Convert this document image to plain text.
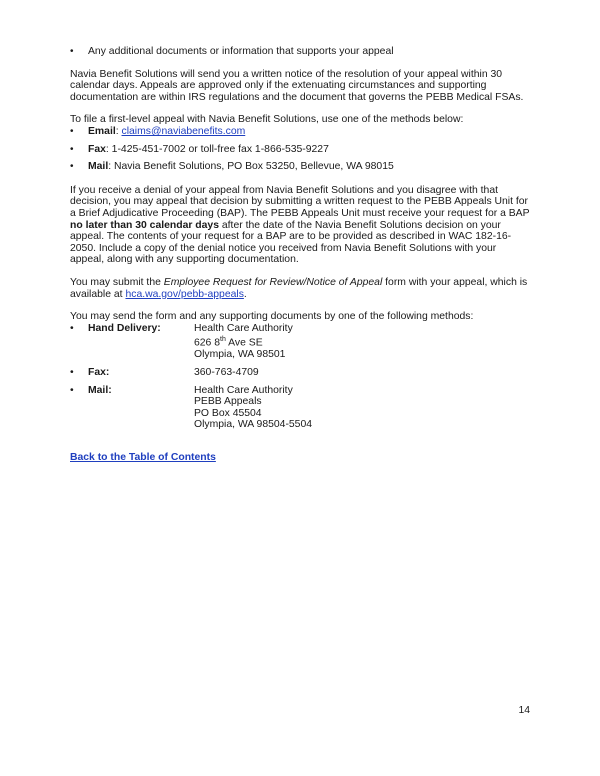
• Any additional documents or information that supports your appeal

Navia Benefit Solutions will send you a written notice of the resolution of your appeal within 30 calendar days. Appeals are approved only if the extenuating circumstances and supporting documentation are within IRS regulations and the document that governs the PEBB Medical FSAs.

To file a first-level appeal with Navia Benefit Solutions, use one of the methods below:

• Email: claims@naviabenefits.com
• Fax: 1-425-451-7002 or toll-free fax 1-866-535-9227
• Mail: Navia Benefit Solutions, PO Box 53250, Bellevue, WA 98015

If you receive a denial of your appeal from Navia Benefit Solutions and you disagree with that decision, you may appeal that decision by submitting a written request to the PEBB Appeals Unit for a Brief Adjudicative Proceeding (BAP). The PEBB Appeals Unit must receive your request for a BAP no later than 30 calendar days after the date of the Navia Benefit Solutions decision on your appeal. The contents of your request for a BAP are to be provided as described in WAC 182-16-2050. Include a copy of the denial notice you received from Navia Benefit Solutions with your appeal, along with any supporting documentation.

You may submit the Employee Request for Review/Notice of Appeal form with your appeal, which is available at hca.wa.gov/pebb-appeals.

You may send the form and any supporting documents by one of the following methods:

• Hand Delivery:	Health Care Authority
626 8th Ave SE
Olympia, WA 98501
• Fax:	360-763-4709
• Mail:	Health Care Authority
PEBB Appeals
PO Box 45504
Olympia, WA 98504-5504

Back to the Table of Contents

14
